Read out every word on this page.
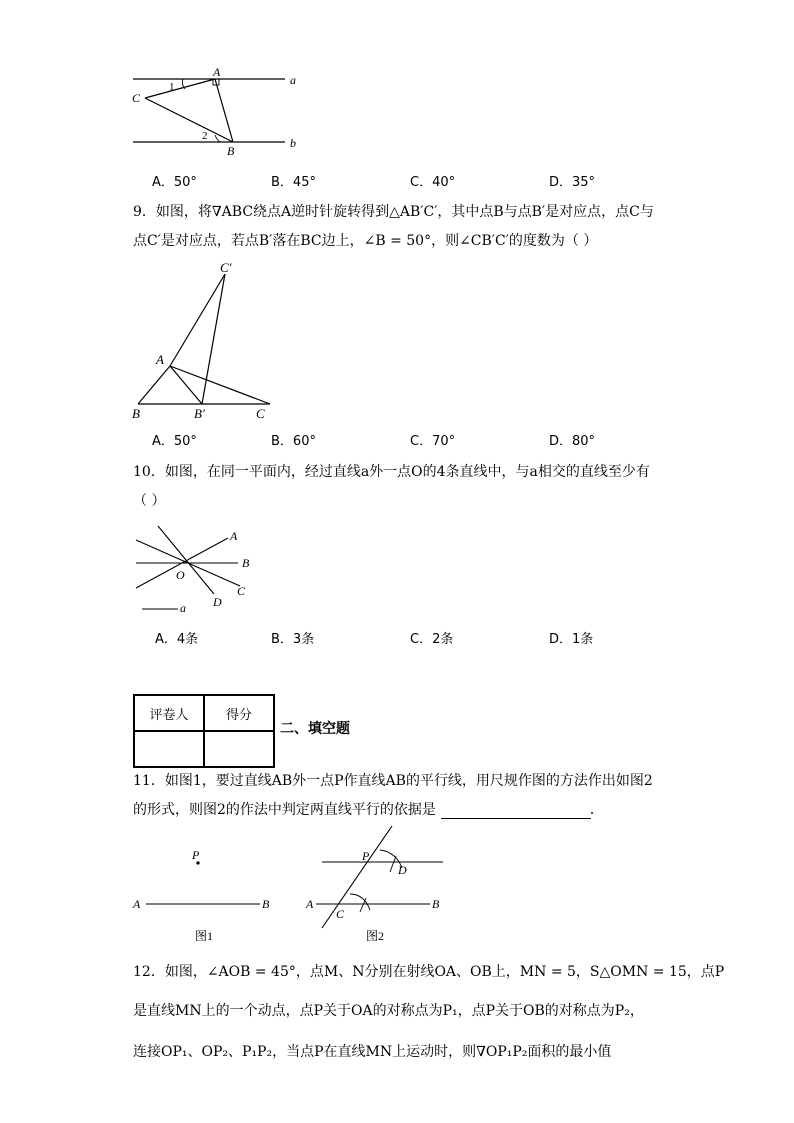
a
b
A
B
C
1
2
A．50°	B．45°	C．40°	D．35°
9．如图，将∇ABC绕点A逆时针旋转得到△AB′C′，其中点B与点B′是对应点，点C与
点C′是对应点，若点B′落在BC边上，∠B = 50°，则∠CB′C′的度数为（ ）
C′
A
B	B′	C
A．50°	B．60°	C．70°	D．80°
10．如图，在同一平面内，经过直线a外一点O的4条直线中，与a相交的直线至少有
（ ）
O
A
B
C
D
a
A．4条	B．3条	C．2条	D．1条
评卷人	得分

二、填空题
11．如图1，要过直线AB外一点P作直线AB的平行线，用尺规作图的方法作出如图2
的形式，则图2的作法中判定两直线平行的依据是	．
P
A	B
图1
P
D
A
C
B
图2
12．如图，∠AOB = 45°，点M、N分别在射线OA、OB上，MN = 5，S△OMN = 15，点P
是直线MN上的一个动点，点P关于OA的对称点为P₁，点P关于OB的对称点为P₂，
连接OP₁、OP₂、P₁P₂，当点P在直线MN上运动时，则∇OP₁P₂面积的最小值
